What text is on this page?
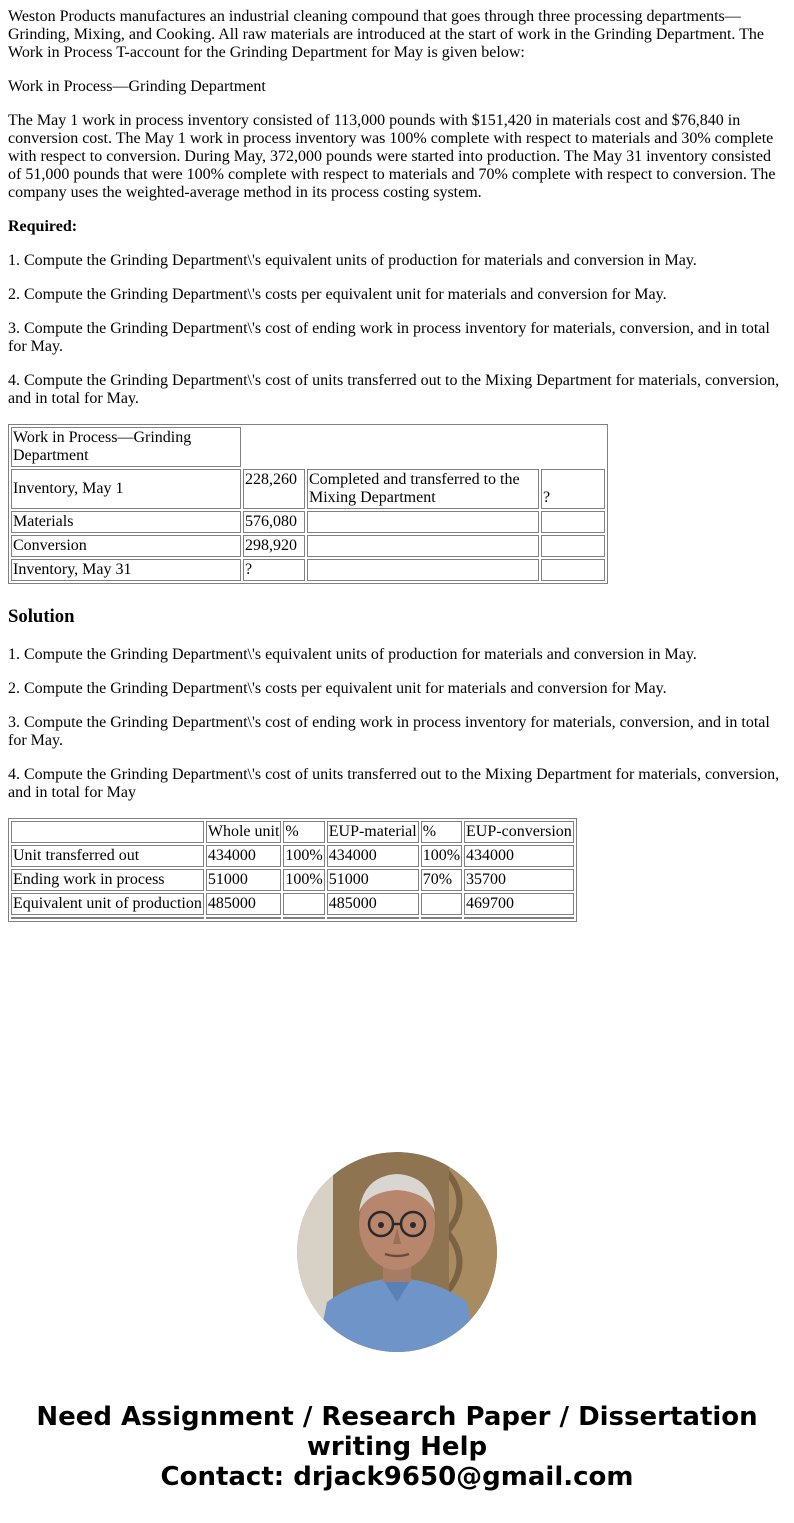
Weston Products manufactures an industrial cleaning compound that goes through three processing departments—Grinding, Mixing, and Cooking. All raw materials are introduced at the start of work in the Grinding Department. The Work in Process T-account for the Grinding Department for May is given below:

Work in Process—Grinding Department

The May 1 work in process inventory consisted of 113,000 pounds with $151,420 in materials cost and $76,840 in conversion cost. The May 1 work in process inventory was 100% complete with respect to materials and 30% complete with respect to conversion. During May, 372,000 pounds were started into production. The May 31 inventory consisted of 51,000 pounds that were 100% complete with respect to materials and 70% complete with respect to conversion. The company uses the weighted-average method in its process costing system.

Required:

1. Compute the Grinding Department\'s equivalent units of production for materials and conversion in May.

2. Compute the Grinding Department\'s costs per equivalent unit for materials and conversion for May.

3. Compute the Grinding Department\'s cost of ending work in process inventory for materials, conversion, and in total for May.

4. Compute the Grinding Department\'s cost of units transferred out to the Mixing Department for materials, conversion, and in total for May.

Work in Process—Grinding Department			
Inventory, May 1	228,260	Completed and transferred to the Mixing Department	?
Materials	576,080		
Conversion	298,920		
Inventory, May 31	?		
Solution

1. Compute the Grinding Department\'s equivalent units of production for materials and conversion in May.

2. Compute the Grinding Department\'s costs per equivalent unit for materials and conversion for May.

3. Compute the Grinding Department\'s cost of ending work in process inventory for materials, conversion, and in total for May.

4. Compute the Grinding Department\'s cost of units transferred out to the Mixing Department for materials, conversion, and in total for May

	Whole unit	%	EUP-material	%	EUP-conversion
Unit transferred out	434000	100%	434000	100%	434000
Ending work in process	51000	100%	51000	70%	35700
Equivalent unit of production	485000		485000		469700

Need Assignment / Research Paper / Dissertation
writing Help
Contact: drjack9650@gmail.com
